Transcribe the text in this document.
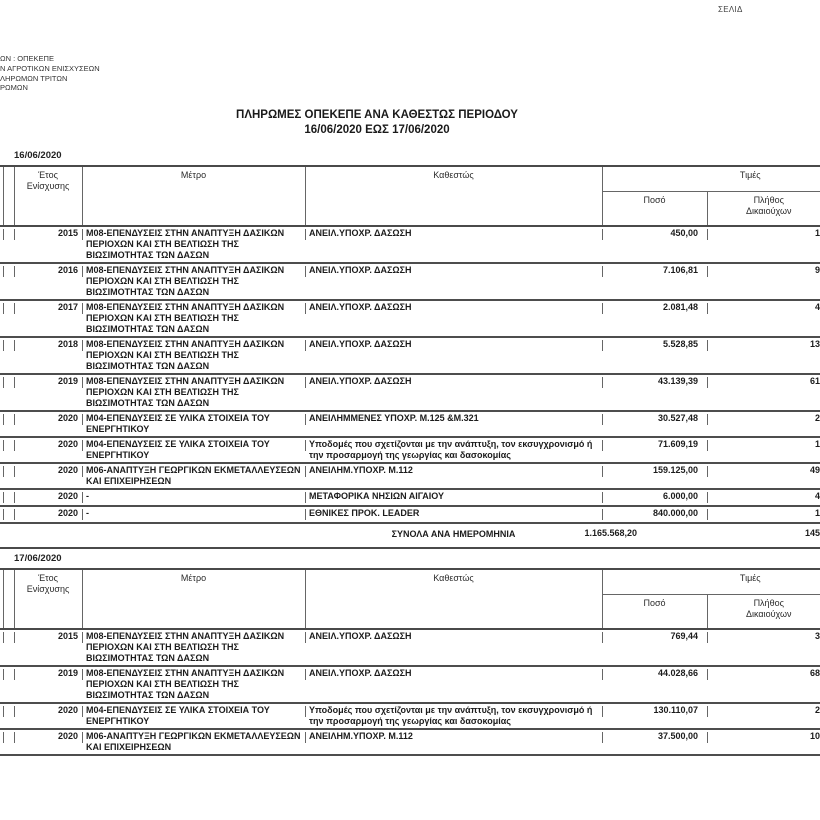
ΩΝ : ΟΠΕΚΕΠΕ
Ν ΑΓΡΟΤΙΚΩΝ ΕΝΙΣΧΥΣΕΩΝ
ΛΗΡΩΜΩΝ ΤΡΙΤΩΝ
ΡΩΜΩΝ
ΣΕΛΙΔ
ΠΛΗΡΩΜΕΣ ΟΠΕΚΕΠΕ ΑΝΑ ΚΑΘΕΣΤΩΣ ΠΕΡΙΟΔΟΥ
16/06/2020 ΕΩΣ 17/06/2020
16/06/2020
		Έτος Ενίσχυσης	Μέτρο	Καθεστώς	Τιμές	
					Ποσό	Πλήθος Δικαιούχων
		2015	M08-ΕΠΕΝΔΥΣΕΙΣ ΣΤΗΝ ΑΝΑΠΤΥΞΗ ΔΑΣΙΚΩΝ ΠΕΡΙΟΧΩΝ ΚΑΙ ΣΤΗ ΒΕΛΤΙΩΣΗ ΤΗΣ ΒΙΩΣΙΜΟΤΗΤΑΣ ΤΩΝ ΔΑΣΩΝ	ΑΝΕΙΛ.ΥΠΟΧΡ. ΔΑΣΩΣΗ	450,00	1
		2016	M08-ΕΠΕΝΔΥΣΕΙΣ ΣΤΗΝ ΑΝΑΠΤΥΞΗ ΔΑΣΙΚΩΝ ΠΕΡΙΟΧΩΝ ΚΑΙ ΣΤΗ ΒΕΛΤΙΩΣΗ ΤΗΣ ΒΙΩΣΙΜΟΤΗΤΑΣ ΤΩΝ ΔΑΣΩΝ	ΑΝΕΙΛ.ΥΠΟΧΡ. ΔΑΣΩΣΗ	7.106,81	9
		2017	M08-ΕΠΕΝΔΥΣΕΙΣ ΣΤΗΝ ΑΝΑΠΤΥΞΗ ΔΑΣΙΚΩΝ ΠΕΡΙΟΧΩΝ ΚΑΙ ΣΤΗ ΒΕΛΤΙΩΣΗ ΤΗΣ ΒΙΩΣΙΜΟΤΗΤΑΣ ΤΩΝ ΔΑΣΩΝ	ΑΝΕΙΛ.ΥΠΟΧΡ. ΔΑΣΩΣΗ	2.081,48	4
		2018	M08-ΕΠΕΝΔΥΣΕΙΣ ΣΤΗΝ ΑΝΑΠΤΥΞΗ ΔΑΣΙΚΩΝ ΠΕΡΙΟΧΩΝ ΚΑΙ ΣΤΗ ΒΕΛΤΙΩΣΗ ΤΗΣ ΒΙΩΣΙΜΟΤΗΤΑΣ ΤΩΝ ΔΑΣΩΝ	ΑΝΕΙΛ.ΥΠΟΧΡ. ΔΑΣΩΣΗ	5.528,85	13
		2019	M08-ΕΠΕΝΔΥΣΕΙΣ ΣΤΗΝ ΑΝΑΠΤΥΞΗ ΔΑΣΙΚΩΝ ΠΕΡΙΟΧΩΝ ΚΑΙ ΣΤΗ ΒΕΛΤΙΩΣΗ ΤΗΣ ΒΙΩΣΙΜΟΤΗΤΑΣ ΤΩΝ ΔΑΣΩΝ	ΑΝΕΙΛ.ΥΠΟΧΡ. ΔΑΣΩΣΗ	43.139,39	61
		2020	M04-ΕΠΕΝΔΥΣΕΙΣ ΣΕ ΥΛΙΚΑ ΣΤΟΙΧΕΙΑ ΤΟΥ ΕΝΕΡΓΗΤΙΚΟΥ	ΑΝΕΙΛΗΜΜΕΝΕΣ ΥΠΟΧΡ. Μ.125 &Μ.321	30.527,48	2
		2020	M04-ΕΠΕΝΔΥΣΕΙΣ ΣΕ ΥΛΙΚΑ ΣΤΟΙΧΕΙΑ ΤΟΥ ΕΝΕΡΓΗΤΙΚΟΥ	Υποδομές που σχετίζονται με την ανάπτυξη, τον εκσυγχρονισμό ή την προσαρμογή της γεωργίας και δασοκομίας	71.609,19	1
		2020	M06-ΑΝΑΠΤΥΞΗ ΓΕΩΡΓΙΚΩΝ ΕΚΜΕΤΑΛΛΕΥΣΕΩΝ ΚΑΙ ΕΠΙΧΕΙΡΗΣΕΩΝ	ΑΝΕΙΛΗΜ.ΥΠΟΧΡ. Μ.112	159.125,00	49
		2020	-	ΜΕΤΑΦΟΡΙΚΑ ΝΗΣΙΩΝ ΑΙΓΑΙΟΥ	6.000,00	4
		2020	-	ΕΘΝΙΚΕΣ ΠΡΟΚ. LEADER	840.000,00	1
ΣΥΝΟΛΑ ΑΝΑ ΗΜΕΡΟΜΗΝΙΑ	1.165.568,20	145
17/06/2020
		Έτος Ενίσχυσης	Μέτρο	Καθεστώς	Τιμές	
					Ποσό	Πλήθος Δικαιούχων
		2015	M08-ΕΠΕΝΔΥΣΕΙΣ ΣΤΗΝ ΑΝΑΠΤΥΞΗ ΔΑΣΙΚΩΝ ΠΕΡΙΟΧΩΝ ΚΑΙ ΣΤΗ ΒΕΛΤΙΩΣΗ ΤΗΣ ΒΙΩΣΙΜΟΤΗΤΑΣ ΤΩΝ ΔΑΣΩΝ	ΑΝΕΙΛ.ΥΠΟΧΡ. ΔΑΣΩΣΗ	769,44	3
		2019	M08-ΕΠΕΝΔΥΣΕΙΣ ΣΤΗΝ ΑΝΑΠΤΥΞΗ ΔΑΣΙΚΩΝ ΠΕΡΙΟΧΩΝ ΚΑΙ ΣΤΗ ΒΕΛΤΙΩΣΗ ΤΗΣ ΒΙΩΣΙΜΟΤΗΤΑΣ ΤΩΝ ΔΑΣΩΝ	ΑΝΕΙΛ.ΥΠΟΧΡ. ΔΑΣΩΣΗ	44.028,66	68
		2020	M04-ΕΠΕΝΔΥΣΕΙΣ ΣΕ ΥΛΙΚΑ ΣΤΟΙΧΕΙΑ ΤΟΥ ΕΝΕΡΓΗΤΙΚΟΥ	Υποδομές που σχετίζονται με την ανάπτυξη, τον εκσυγχρονισμό ή την προσαρμογή της γεωργίας και δασοκομίας	130.110,07	2
		2020	M06-ΑΝΑΠΤΥΞΗ ΓΕΩΡΓΙΚΩΝ ΕΚΜΕΤΑΛΛΕΥΣΕΩΝ ΚΑΙ ΕΠΙΧΕΙΡΗΣΕΩΝ	ΑΝΕΙΛΗΜ.ΥΠΟΧΡ. Μ.112	37.500,00	10
